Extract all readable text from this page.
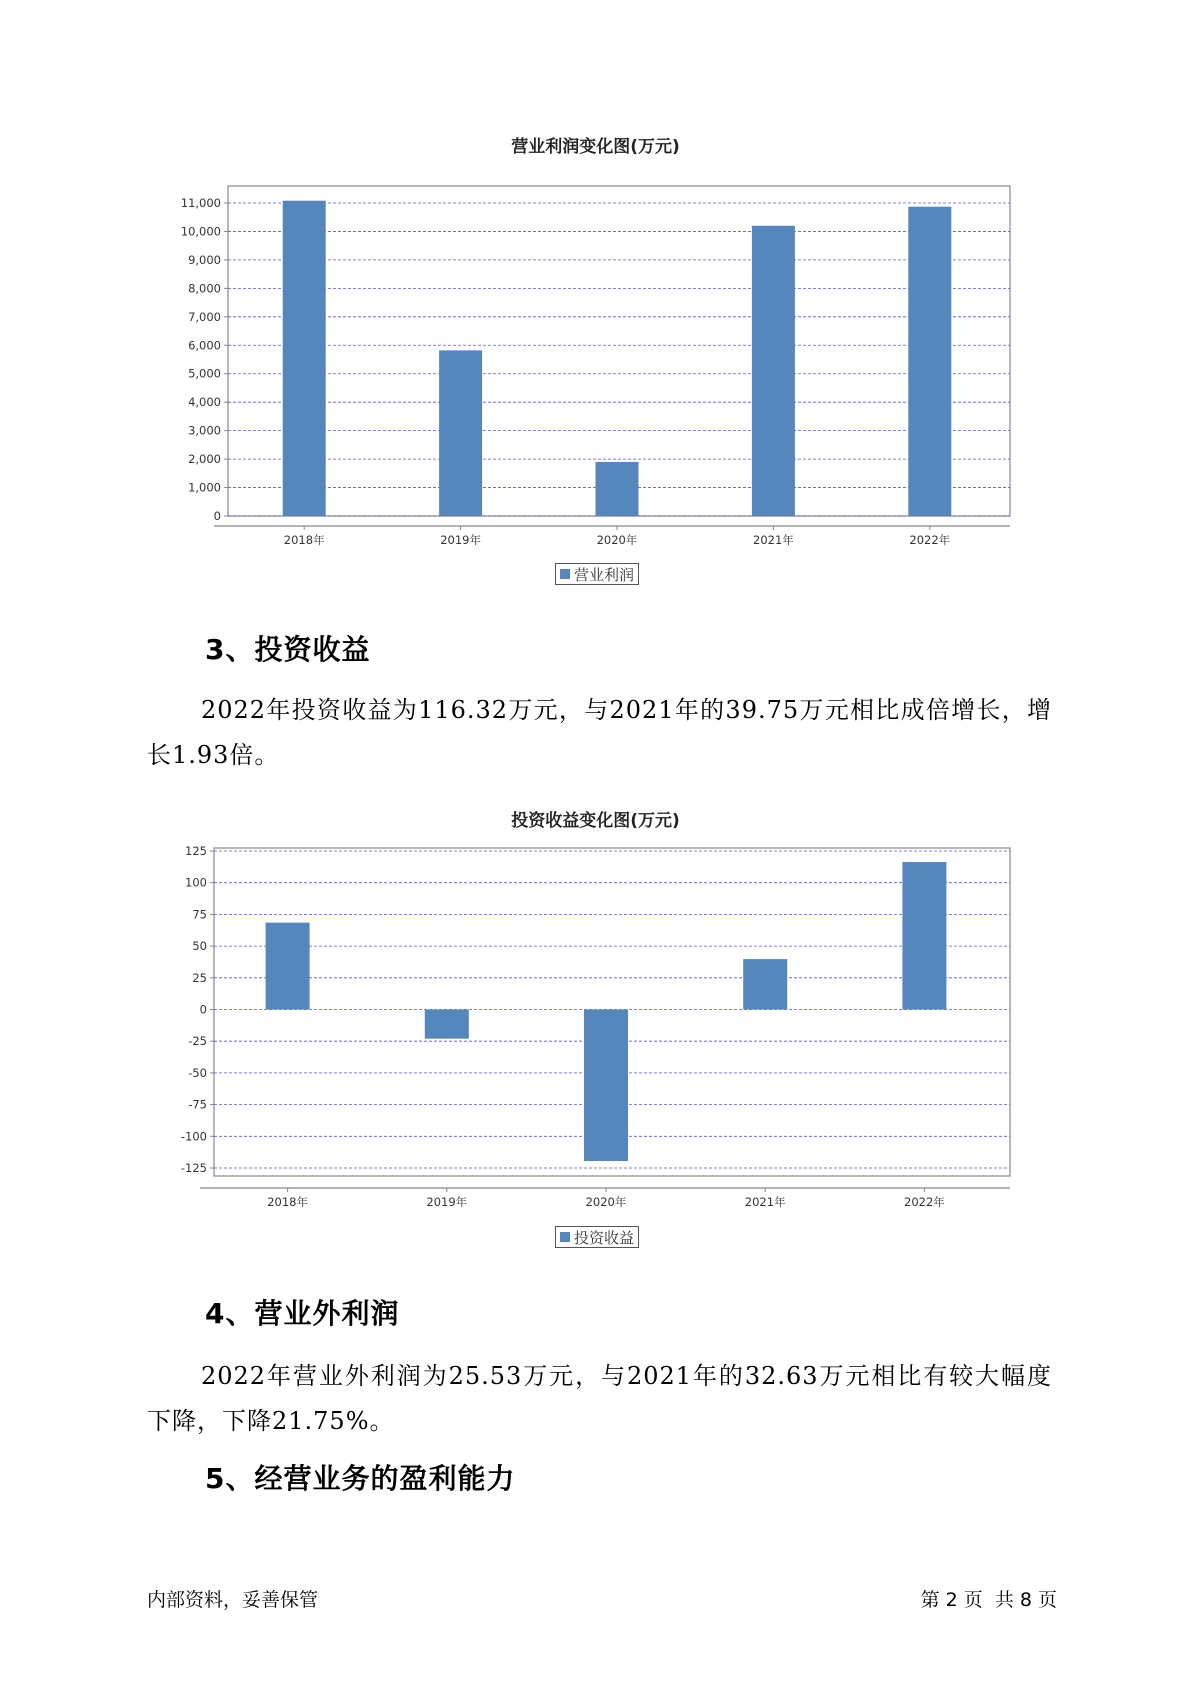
营业利润变化图(万元)
0
1,000
2,000
3,000
4,000
5,000
6,000
7,000
8,000
9,000
10,000
11,000
2018年	2019年	2020年	2021年	2022年
营业利润
3、投资收益
2022年投资收益为116.32万元，与2021年的39.75万元相比成倍增长，增长1.93倍。
投资收益变化图(万元)
125
100
75
50
25
0
-25
-50
-75
-100
-125
2018年	2019年	2020年	2021年	2022年
投资收益
4、营业外利润
2022年营业外利润为25.53万元，与2021年的32.63万元相比有较大幅度下降，下降21.75%。
5、经营业务的盈利能力
内部资料，妥善保管	第 2 页  共 8 页
